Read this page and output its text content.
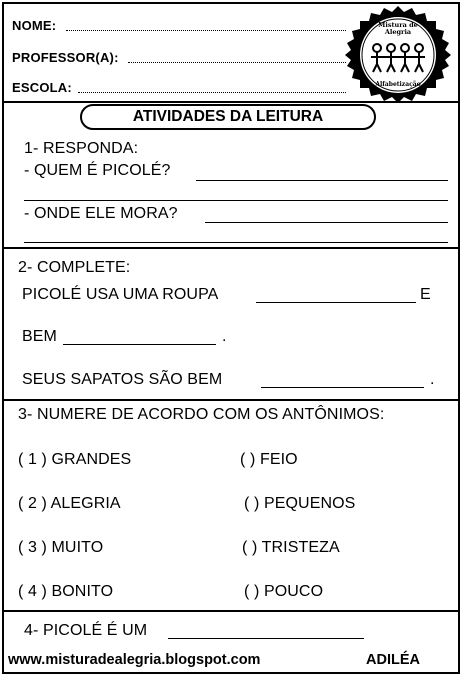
NOME:
PROFESSOR(A):
ESCOLA:
Mistura de Alegria
Alfabetização
ATIVIDADES DA LEITURA
1- RESPONDA:
- QUEM É PICOLÉ?
- ONDE ELE MORA?
2- COMPLETE:
PICOLÉ USA UMA ROUPA	E
BEM	.
SEUS SAPATOS SÃO BEM	.
3- NUMERE DE ACORDO COM OS ANTÔNIMOS:
( 1 ) GRANDES	( ) FEIO
( 2 ) ALEGRIA	( ) PEQUENOS
( 3 ) MUITO	( ) TRISTEZA
( 4 ) BONITO	( ) POUCO
4- PICOLÉ É UM
www.misturadealegria.blogspot.com	ADILÉA
